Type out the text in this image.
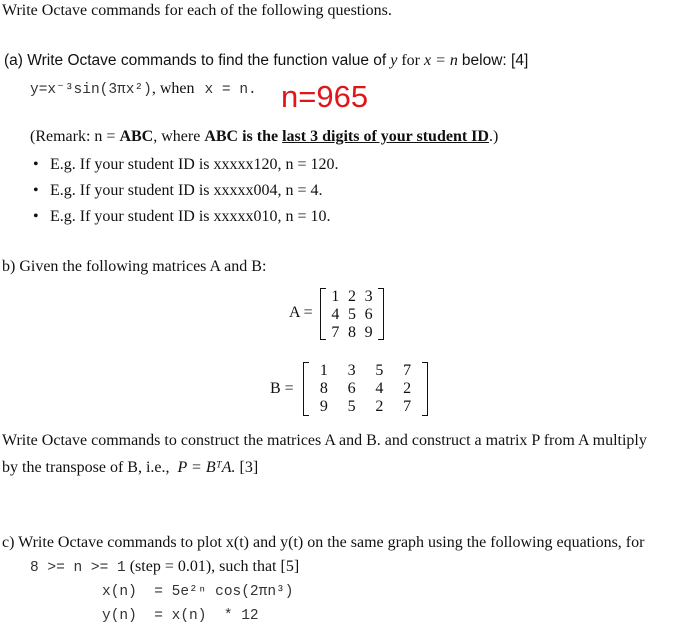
Write Octave commands for each of the following questions.
(a) Write Octave commands to find the function value of y for x = n below: [4]
y=x⁻³sin(3πx²), when x = n. n=965
(Remark: n = ABC, where ABC is the last 3 digits of your student ID.)
• E.g. If your student ID is xxxxx120, n = 120.
• E.g. If your student ID is xxxxx004, n = 4.
• E.g. If your student ID is xxxxx010, n = 10.
b) Given the following matrices A and B:
A =
1 2 3
4 5 6
7 8 9
B =
1 3 5 7
8 6 4 2
9 5 2 7
Write Octave commands to construct the matrices A and B. and construct a matrix P from A multiply
by the transpose of B, i.e., P = BᵀA. [3]
c) Write Octave commands to plot x(t) and y(t) on the same graph using the following equations, for
8 >= n >= 1 (step = 0.01), such that [5]
x(n)  = 5e²ⁿ cos(2πn³)
y(n)  = x(n)  * 12
